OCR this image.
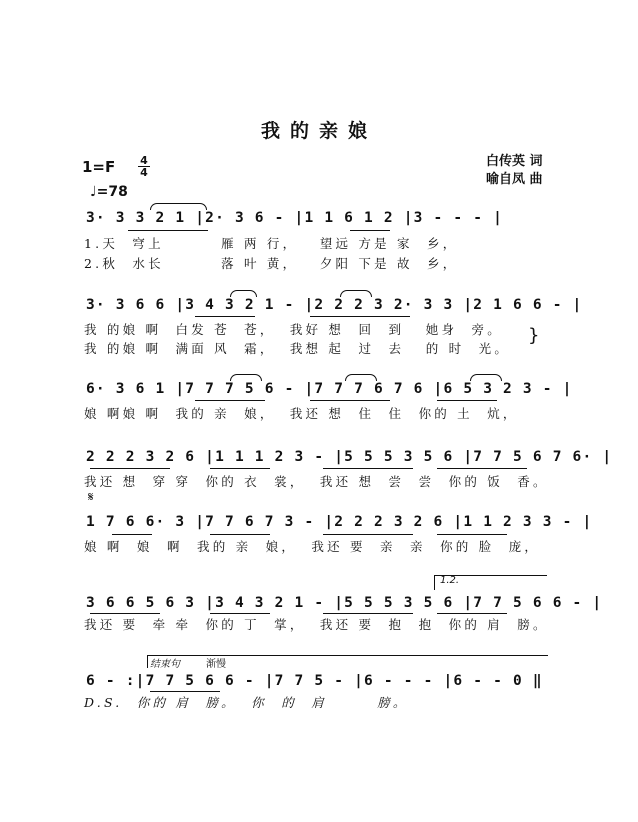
我的亲娘
白传英 词
喻自凤 曲
1=F 4
4
♩=78
3· 3 3 2 1 |2· 3 6 - |1 1 6 1 2 |3 - - - |
1.天  穹上        雁 两 行，   望远 方是 家  乡，
2.秋  水长        落 叶 黄，   夕阳 下是 故  乡，
3· 3 6 6 |3 4 3 2 1 - |2 2 2 3 2· 3 3 |2 1 6 6 - |
我 的娘 啊  白发 苍  苍，  我好 想  回  到   她身  旁。
我 的娘 啊  满面 风  霜，  我想 起  过  去   的 时  光。
}
6· 3 6 1 |7 7 7 5 6 - |7 7 7 6 7 6 |6 5 3 2 3 - |
娘 啊娘 啊  我的 亲  娘，  我还 想  住  住  你的 土  炕，
2 2 2 3 2 6 |1 1 1 2 3 - |5 5 5 3 5 6 |7 7 5 6 7 6· |
我还 想  穿 穿  你的 衣  裳，  我还 想  尝  尝  你的 饭  香。
𝄋
1 7 6 6· 3 |7 7 6 7 3 - |2 2 2 3 2 6 |1 1 2 3 3 - |
娘 啊  娘  啊  我的 亲  娘，  我还 要  亲  亲  你的 脸  庞，
1.2.
3 6 6 5 6 3 |3 4 3 2 1 - |5 5 5 3 5 6 |7 7 5 6 6 - |
我还 要  牵 牵  你的 丁  掌，  我还 要  抱  抱  你的 肩  膀。
结束句	渐慢
6 - :|7 7 5 6 6 - |7 7 5 - |6 - - - |6 - - 0 ‖
D.S.  你的 肩  膀。  你  的  肩       膀。
